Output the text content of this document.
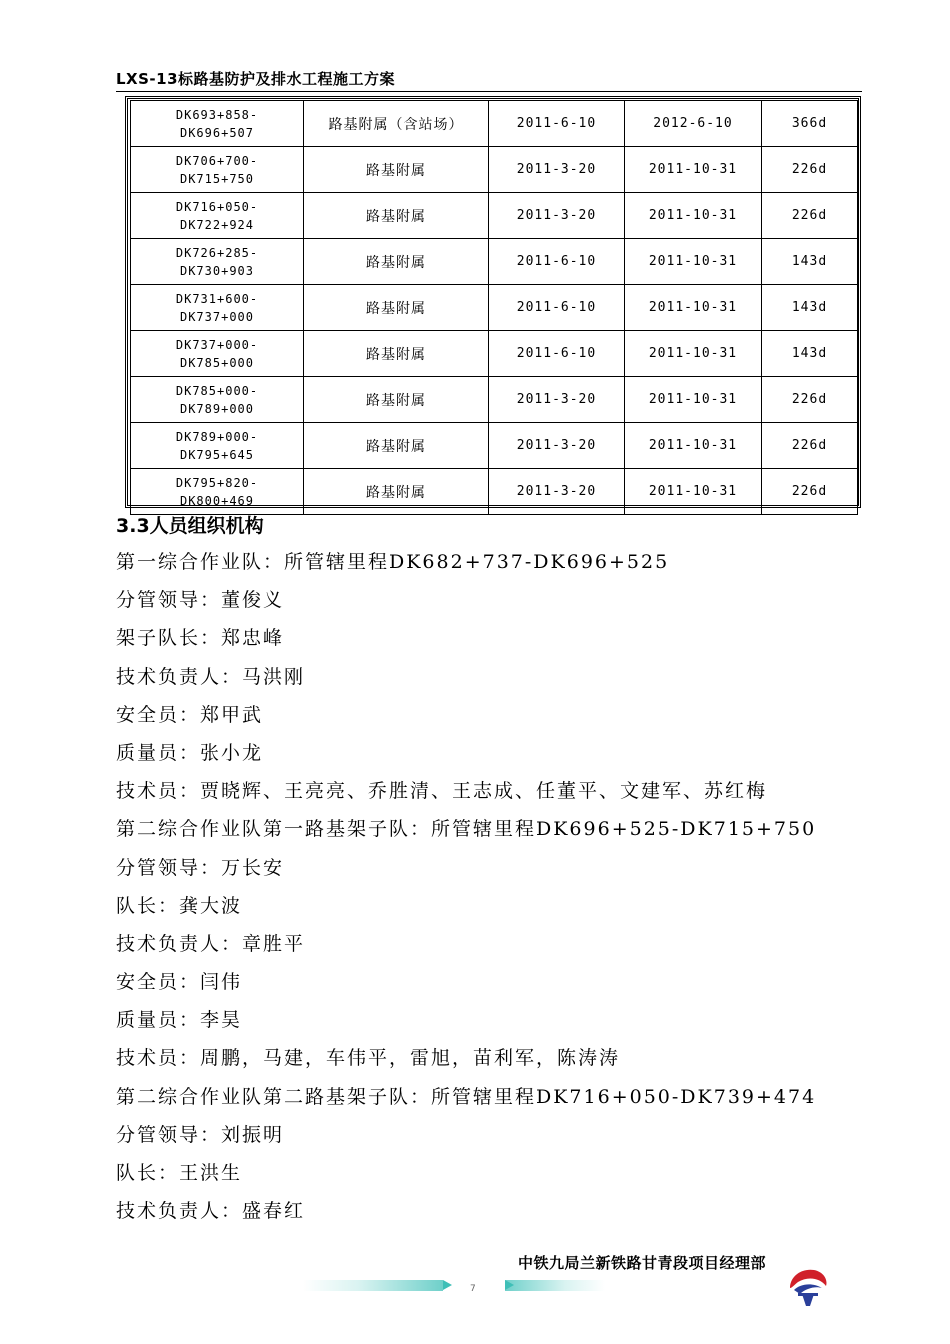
LXS-13标路基防护及排水工程施工方案
DK693+858-
DK696+507	路基附属（含站场）	2011-6-10	2012-6-10	366d

DK706+700-
DK715+750	路基附属	2011-3-20	2011-10-31	226d

DK716+050-
DK722+924	路基附属	2011-3-20	2011-10-31	226d

DK726+285-
DK730+903	路基附属	2011-6-10	2011-10-31	143d

DK731+600-
DK737+000	路基附属	2011-6-10	2011-10-31	143d

DK737+000-
DK785+000	路基附属	2011-6-10	2011-10-31	143d

DK785+000-
DK789+000	路基附属	2011-3-20	2011-10-31	226d

DK789+000-
DK795+645	路基附属	2011-3-20	2011-10-31	226d

DK795+820-
DK800+469	路基附属	2011-3-20	2011-10-31	226d
3.3人员组织机构
第一综合作业队：所管辖里程DK682+737-DK696+525
分管领导：董俊义
架子队长：郑忠峰
技术负责人：马洪刚
安全员：郑甲武
质量员：张小龙
技术员：贾晓辉、王亮亮、乔胜清、王志成、任董平、文建军、苏红梅
第二综合作业队第一路基架子队：所管辖里程DK696+525-DK715+750
分管领导：万长安
队长：龚大波
技术负责人：章胜平
安全员：闫伟
质量员：李昊
技术员：周鹏，马建，车伟平，雷旭，苗利军，陈涛涛
第二综合作业队第二路基架子队：所管辖里程DK716+050-DK739+474
分管领导：刘振明
队长：王洪生
技术负责人：盛春红
中铁九局兰新铁路甘青段项目经理部
7
